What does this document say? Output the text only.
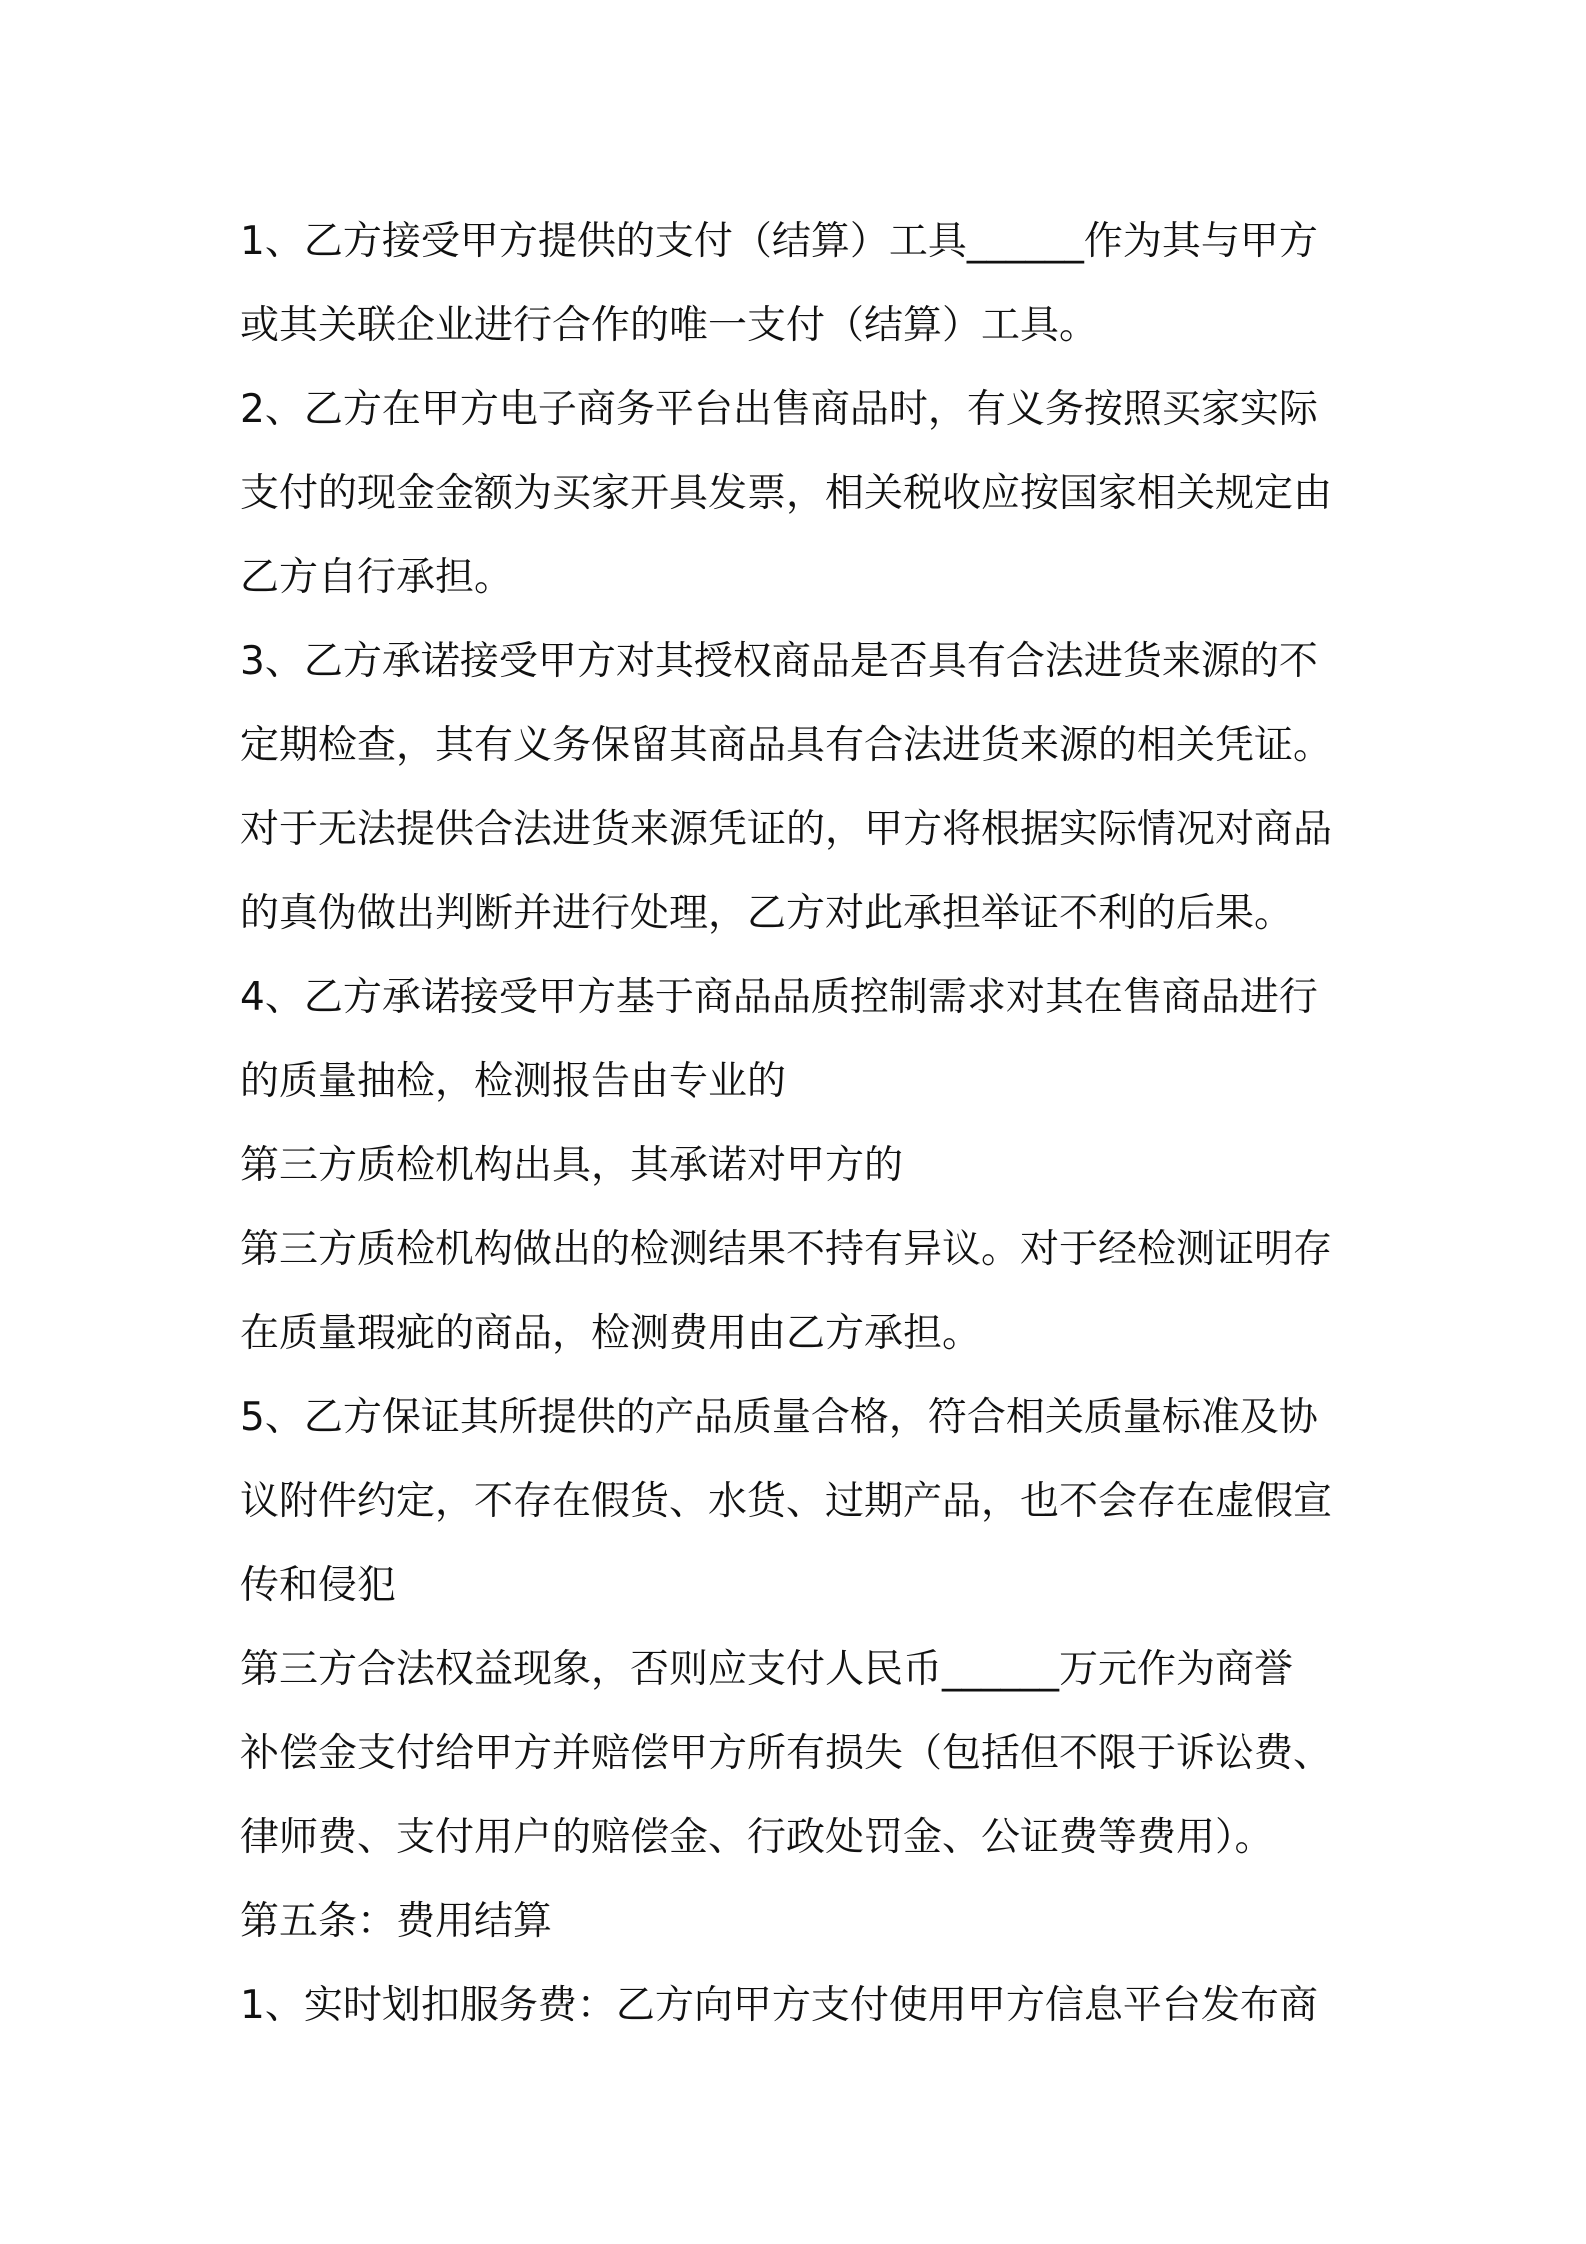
1、乙方接受甲方提供的支付（结算）工具______作为其与甲方
或其关联企业进行合作的唯一支付（结算）工具。
2、乙方在甲方电子商务平台出售商品时，有义务按照买家实际
支付的现金金额为买家开具发票，相关税收应按国家相关规定由
乙方自行承担。
3、乙方承诺接受甲方对其授权商品是否具有合法进货来源的不
定期检查，其有义务保留其商品具有合法进货来源的相关凭证。
对于无法提供合法进货来源凭证的，甲方将根据实际情况对商品
的真伪做出判断并进行处理，乙方对此承担举证不利的后果。
4、乙方承诺接受甲方基于商品品质控制需求对其在售商品进行
的质量抽检，检测报告由专业的
第三方质检机构出具，其承诺对甲方的
第三方质检机构做出的检测结果不持有异议。对于经检测证明存
在质量瑕疵的商品，检测费用由乙方承担。
5、乙方保证其所提供的产品质量合格，符合相关质量标准及协
议附件约定，不存在假货、水货、过期产品，也不会存在虚假宣
传和侵犯
第三方合法权益现象，否则应支付人民币______万元作为商誉
补偿金支付给甲方并赔偿甲方所有损失（包括但不限于诉讼费、
律师费、支付用户的赔偿金、行政处罚金、公证费等费用）。
第五条：费用结算
1、实时划扣服务费：乙方向甲方支付使用甲方信息平台发布商
